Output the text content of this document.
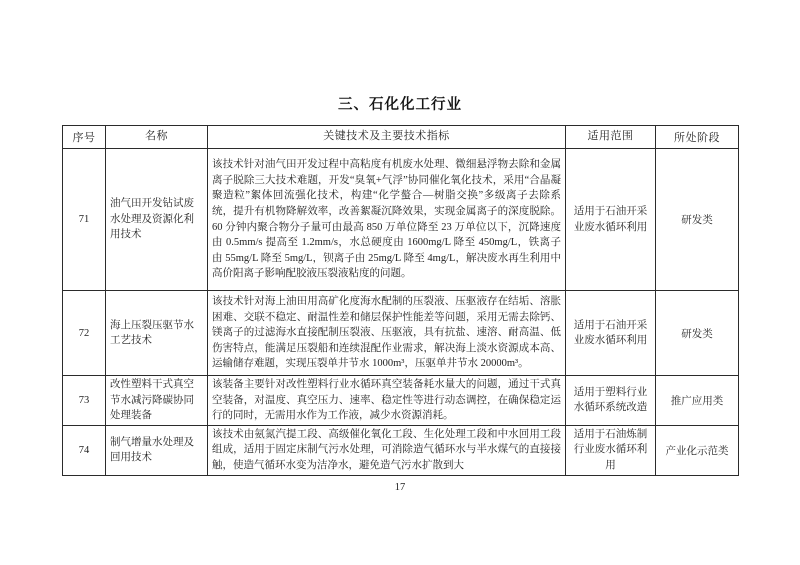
三、石化化工行业
序号	名称	关键技术及主要技术指标	适用范围	所处阶段
71	油气田开发钻试废水处理及资源化利用技术	该技术针对油气田开发过程中高粘度有机废水处理、微细悬浮物去除和金属离子脱除三大技术难题，开发“臭氧+气浮”协同催化氧化技术，采用“合晶凝聚造粒”絮体回流强化技术，构建“化学螯合—树脂交换”多级离子去除系统，提升有机物降解效率，改善絮凝沉降效果，实现金属离子的深度脱除。60 分钟内聚合物分子量可由最高 850 万单位降至 23 万单位以下，沉降速度由 0.5mm/s 提高至 1.2mm/s，水总硬度由 1600mg/L 降至 450mg/L，铁离子由 55mg/L 降至 5mg/L，钡离子由 25mg/L 降至 4mg/L，解决废水再生利用中高价阳离子影响配胶液压裂液粘度的问题。	适用于石油开采业废水循环利用	研发类
72	海上压裂压驱节水工艺技术	该技术针对海上油田用高矿化度海水配制的压裂液、压驱液存在结垢、溶胀困难、交联不稳定、耐温性差和储层保护性能差等问题，采用无需去除钙、镁离子的过滤海水直接配制压裂液、压驱液，具有抗盐、速溶、耐高温、低伤害特点，能满足压裂船和连续混配作业需求，解决海上淡水资源成本高、运输储存难题，实现压裂单井节水 1000m³，压驱单井节水 20000m³。	适用于石油开采业废水循环利用	研发类
73	改性塑料干式真空节水减污降碳协同处理装备	该装备主要针对改性塑料行业水循环真空装备耗水量大的问题，通过干式真空装备，对温度、真空压力、速率、稳定性等进行动态调控，在确保稳定运行的同时，无需用水作为工作液，减少水资源消耗。	适用于塑料行业水循环系统改造	推广应用类
74	制气增量水处理及回用技术	该技术由氨氮汽提工段、高级催化氧化工段、生化处理工段和中水回用工段组成，适用于固定床制气污水处理，可消除造气循环水与半水煤气的直接接触，使造气循环水变为洁净水，避免造气污水扩散到大	适用于石油炼制行业废水循环利用	产业化示范类
17
